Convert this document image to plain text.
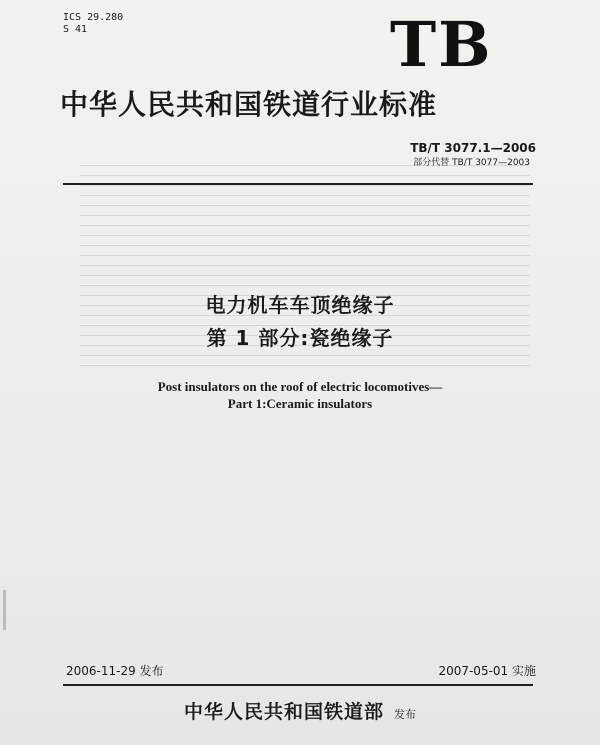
ICS 29.280
S 41	TB
中华人民共和国铁道行业标准
TB/T 3077.1—2006
部分代替 TB/T 3077—2003
电力机车车顶绝缘子
第 1 部分:瓷绝缘子
Post insulators on the roof of electric locomotives—
Part 1:Ceramic insulators
2006-11-29 发布	2007-05-01 实施
中华人民共和国铁道部 发布
